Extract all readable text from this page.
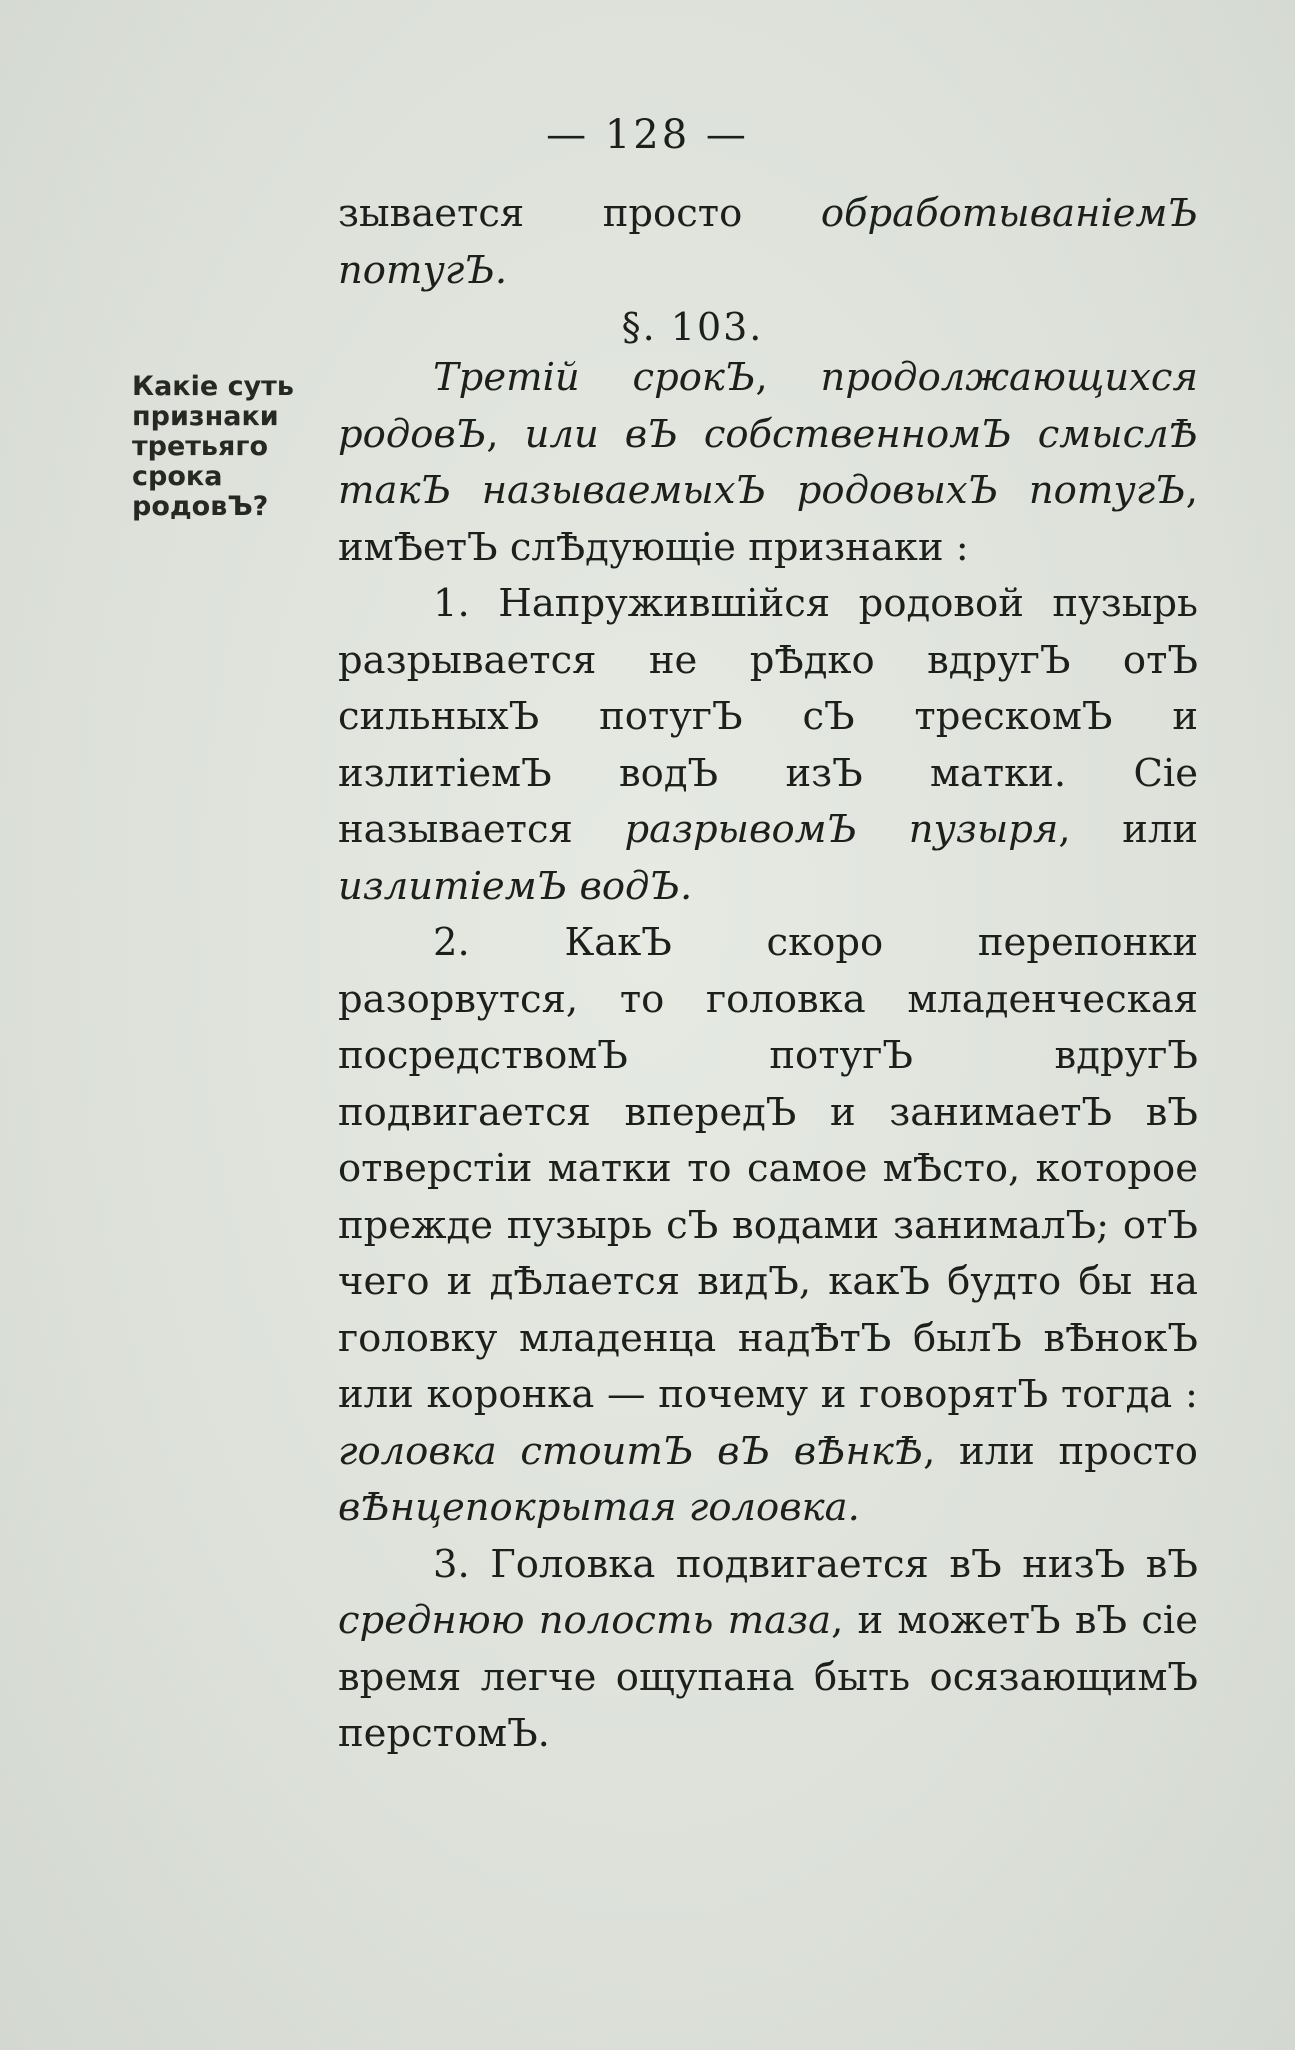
— 128 —

зывается просто обработываніемЪ потугЪ.

§. 103.
Какіе суть признаки третьяго срока родовЪ?

Третій срокЪ, продолжающихся родовЪ, или вЪ собственномЪ смыслѢ такЪ называемыхЪ родовыхЪ потугЪ, имѢетЪ слѢдующіе признаки :

1. Напружившійся родовой пузырь разрывается не рѢдко вдругЪ отЪ сильныхЪ потугЪ сЪ трескомЪ и излитіемЪ водЪ изЪ матки. Сіе называется разрывомЪ пузыря, или излитіемЪ водЪ.

2. КакЪ скоро перепонки разорвутся, то головка младенческая посредствомЪ потугЪ вдругЪ подвигается впередЪ и занимаетЪ вЪ отверстіи матки то самое мѢсто, которое прежде пузырь сЪ водами занималЪ; отЪ чего и дѢлается видЪ, какЪ будто бы на головку младенца надѢтЪ былЪ вѢнокЪ или коронка — почему и говорятЪ тогда : головка стоитЪ вЪ вѢнкѢ, или просто вѢнцепокрытая головка.

3. Головка подвигается вЪ низЪ вЪ среднюю полость таза, и можетЪ вЪ сіе время легче ощупана быть осязающимЪ перстомЪ.
